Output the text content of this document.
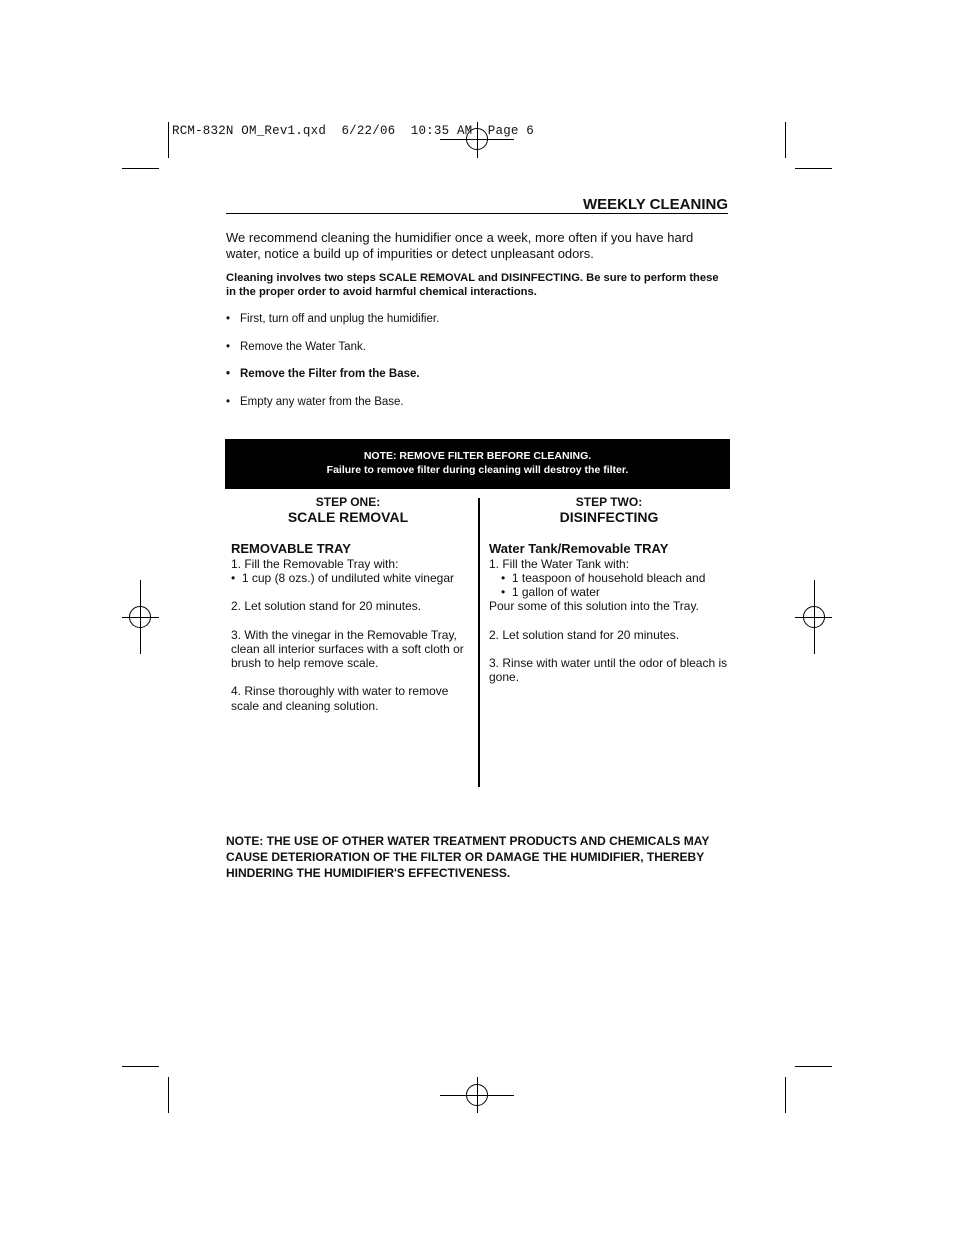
RCM-832N OM_Rev1.qxd 6/22/06 10:35 AM Page 6
WEEKLY CLEANING
We recommend cleaning the humidifier once a week, more often if you have hard water, notice a build up of impurities or detect unpleasant odors.
Cleaning involves two steps SCALE REMOVAL and DISINFECTING. Be sure to perform these in the proper order to avoid harmful chemical interactions.
• First, turn off and unplug the humidifier.
• Remove the Water Tank.
• Remove the Filter from the Base.
• Empty any water from the Base.
NOTE: REMOVE FILTER BEFORE CLEANING.
Failure to remove filter during cleaning will destroy the filter.
STEP ONE:
SCALE REMOVAL
REMOVABLE TRAY

1. Fill the Removable Tray with:

• 1 cup (8 ozs.) of undiluted white vinegar

2. Let solution stand for 20 minutes.

3. With the vinegar in the Removable Tray, clean all interior surfaces with a soft cloth or brush to help remove scale.

4. Rinse thoroughly with water to remove scale and cleaning solution.

STEP TWO:
DISINFECTING
Water Tank/Removable TRAY

1. Fill the Water Tank with:

• 1 teaspoon of household bleach and

• 1 gallon of water

Pour some of this solution into the Tray.

2. Let solution stand for 20 minutes.

3. Rinse with water until the odor of bleach is gone.

NOTE: THE USE OF OTHER WATER TREATMENT PRODUCTS AND CHEMICALS MAY CAUSE DETERIORATION OF THE FILTER OR DAMAGE THE HUMIDIFIER, THEREBY HINDERING THE HUMIDIFIER'S EFFECTIVENESS.
